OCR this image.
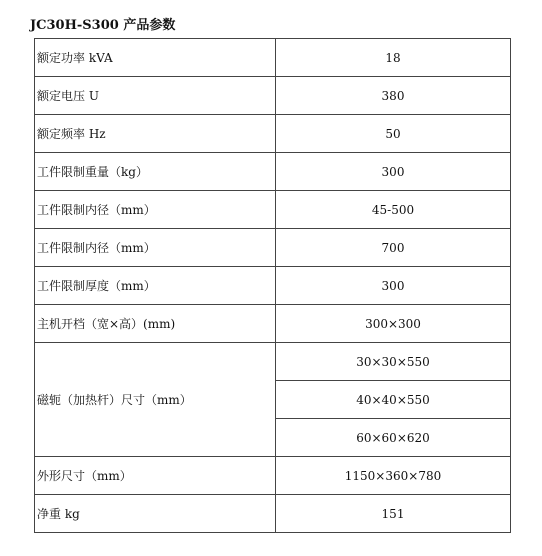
JC30H-S300 产品参数
额定功率 kVA	18
额定电压 U	380
额定频率 Hz	50
工件限制重量（kg）	300
工件限制内径（mm）	45-500
工件限制内径（mm）	700
工件限制厚度（mm）	300
主机开档（宽×高）(mm)	300×300
磁轭（加热杆）尺寸（mm）	30×30×550
	40×40×550
	60×60×620
外形尺寸（mm）	1150×360×780
净重 kg	151
